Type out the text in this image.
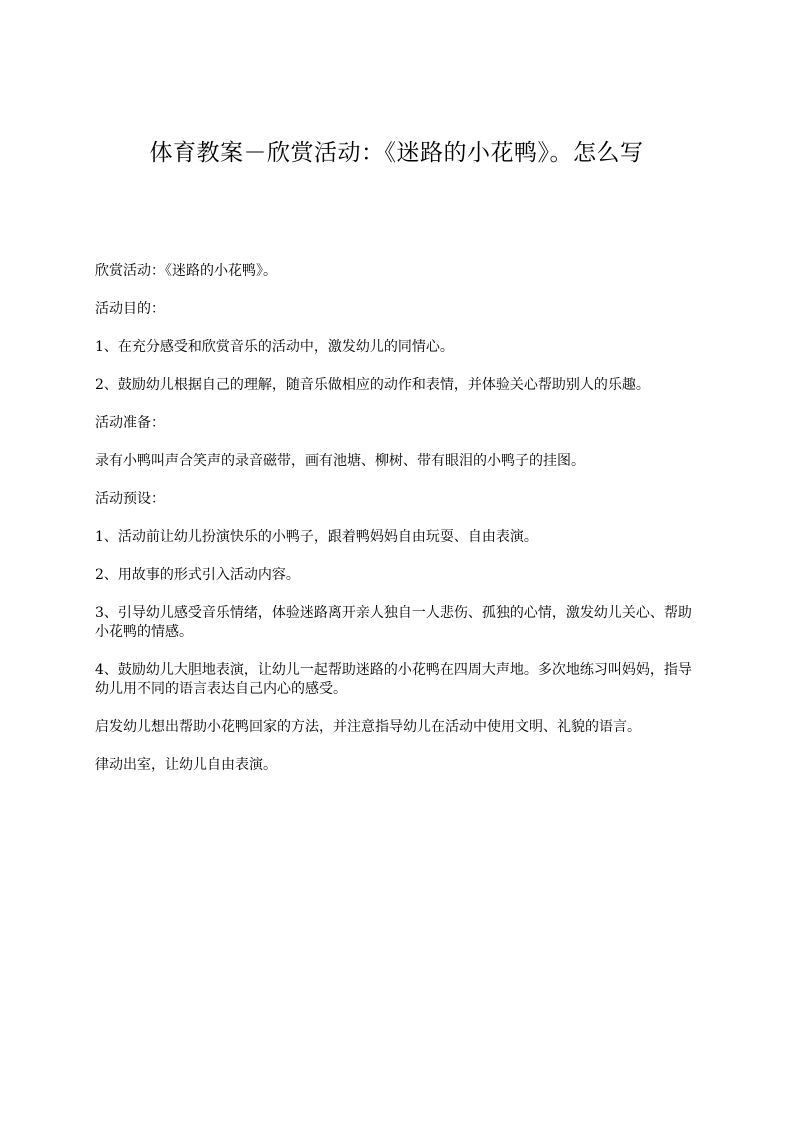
体育教案－欣赏活动：《迷路的小花鸭》。怎么写

欣赏活动：《迷路的小花鸭》。

活动目的：

1、在充分感受和欣赏音乐的活动中，激发幼儿的同情心。

2、鼓励幼儿根据自己的理解，随音乐做相应的动作和表情，并体验关心帮助别人的乐趣。

活动准备：

录有小鸭叫声合笑声的录音磁带，画有池塘、柳树、带有眼泪的小鸭子的挂图。

活动预设：

1、活动前让幼儿扮演快乐的小鸭子，跟着鸭妈妈自由玩耍、自由表演。

2、用故事的形式引入活动内容。

3、引导幼儿感受音乐情绪，体验迷路离开亲人独自一人悲伤、孤独的心情，激发幼儿关心、帮助小花鸭的情感。

4、鼓励幼儿大胆地表演，让幼儿一起帮助迷路的小花鸭在四周大声地。多次地练习叫妈妈，指导幼儿用不同的语言表达自己内心的感受。

启发幼儿想出帮助小花鸭回家的方法，并注意指导幼儿在活动中使用文明、礼貌的语言。

律动出室，让幼儿自由表演。
